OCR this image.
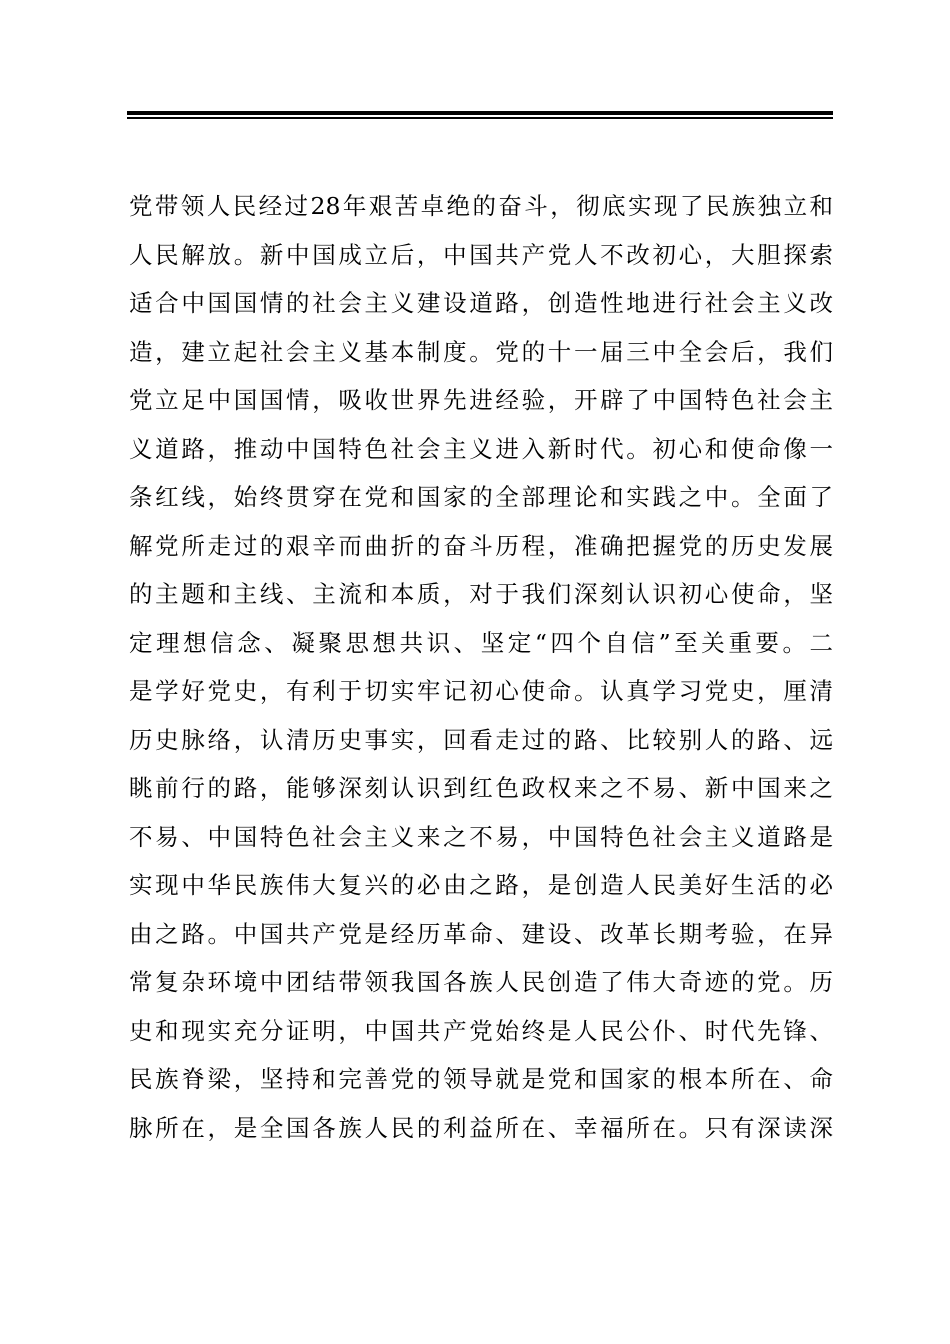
党带领人民经过28年艰苦卓绝的奋斗，彻底实现了民族独立和
人民解放。新中国成立后，中国共产党人不改初心，大胆探索
适合中国国情的社会主义建设道路，创造性地进行社会主义改
造，建立起社会主义基本制度。党的十一届三中全会后，我们
党立足中国国情，吸收世界先进经验，开辟了中国特色社会主
义道路，推动中国特色社会主义进入新时代。初心和使命像一
条红线，始终贯穿在党和国家的全部理论和实践之中。全面了
解党所走过的艰辛而曲折的奋斗历程，准确把握党的历史发展
的主题和主线、主流和本质，对于我们深刻认识初心使命，坚
定理想信念、凝聚思想共识、坚定“四个自信”至关重要。二
是学好党史，有利于切实牢记初心使命。认真学习党史，厘清
历史脉络，认清历史事实，回看走过的路、比较别人的路、远
眺前行的路，能够深刻认识到红色政权来之不易、新中国来之
不易、中国特色社会主义来之不易，中国特色社会主义道路是
实现中华民族伟大复兴的必由之路，是创造人民美好生活的必
由之路。中国共产党是经历革命、建设、改革长期考验，在异
常复杂环境中团结带领我国各族人民创造了伟大奇迹的党。历
史和现实充分证明，中国共产党始终是人民公仆、时代先锋、
民族脊梁，坚持和完善党的领导就是党和国家的根本所在、命
脉所在，是全国各族人民的利益所在、幸福所在。只有深读深
